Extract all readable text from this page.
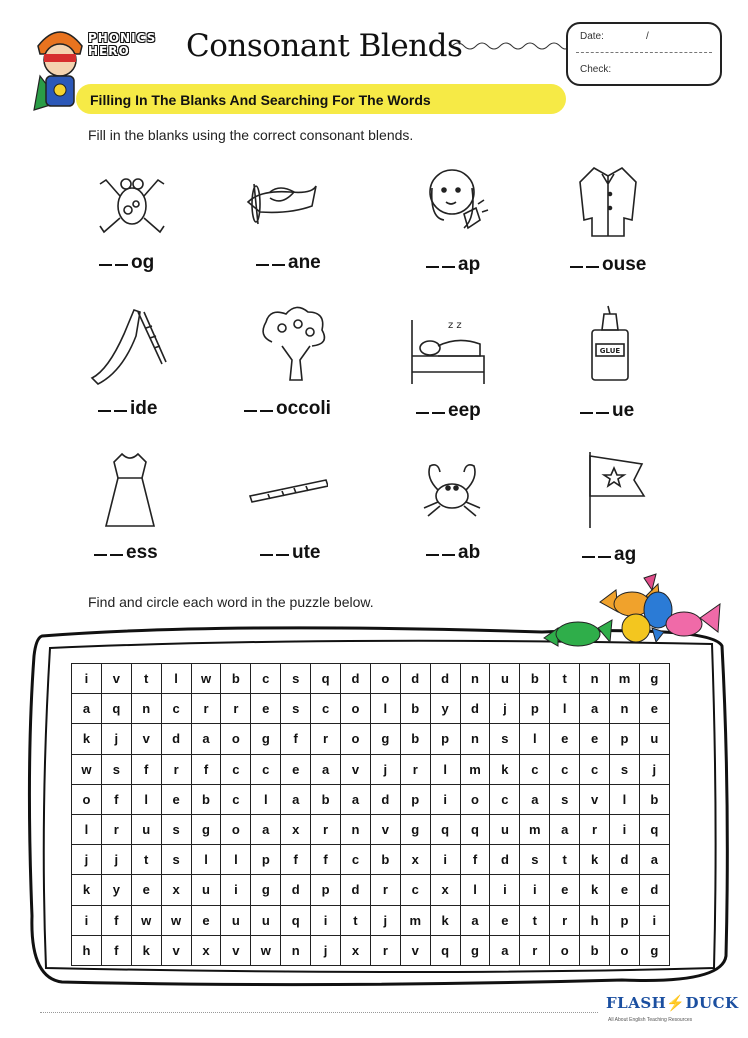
PHONICS
HERO	Consonant Blends	Date:	/
Check:
Filling In The Blanks And Searching For The Words
Fill in the blanks using the correct consonant blends.
og	ane	ap	ouse
z z
GLUE
ide	occoli	eep	ue
ess	ute	ab	ag
Find and circle each word in the puzzle below.
i	v	t	l	w	b	c	s	q	d	o	d	d	n	u	b	t	n	m	g
a	q	n	c	r	r	e	s	c	o	l	b	y	d	j	p	l	a	n	e
k	j	v	d	a	o	g	f	r	o	g	b	p	n	s	l	e	e	p	u
w	s	f	r	f	c	c	e	a	v	j	r	l	m	k	c	c	c	s	j
o	f	l	e	b	c	l	a	b	a	d	p	i	o	c	a	s	v	l	b
l	r	u	s	g	o	a	x	r	n	v	g	q	q	u	m	a	r	i	q
j	j	t	s	l	l	p	f	f	c	b	x	i	f	d	s	t	k	d	a
k	y	e	x	u	i	g	d	p	d	r	c	x	l	i	i	e	k	e	d
i	f	w	w	e	u	u	q	i	t	j	m	k	a	e	t	r	h	p	i
h	f	k	v	x	v	w	n	j	x	r	v	q	g	a	r	o	b	o	g
FLASH⚡DUCK
All About English Teaching Resources
